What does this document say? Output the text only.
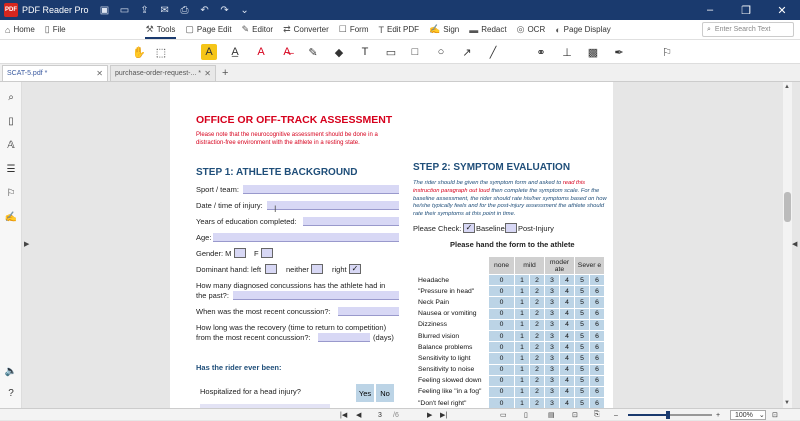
PDF PDF Reader Pro	▣	▭	⇪	✉	⎙	↶	↷	⌄	–	❐	✕
⌂ Home ▯ File	⚒ Tools ▢ Page Edit ✎ Editor ⇄ Converter ☐ Form T Edit PDF ✍ Sign ▬ Redact ◎ OCR ◐ Page Display	⌕ Enter Search Text
✋ ⬚	A	A̲	A	A̶	✎	◆	T	▭	□	○	↗	╱	⚭	⊥ ▩	✒	⚐
SCAT-5.pdf *	✕ purchase-order-request-... * ✕ +
⌕
▯
𝔸
☰
⚐
✍
🔈
?
▶	◀
OFFICE OR OFF-TRACK ASSESSMENT
Please note that the neurocognitive assessment should be done in a distraction-free environment with the athlete in a resting state.
STEP 1: ATHLETE BACKGROUND
Sport / team:
Date / time of injury: I
Years of education completed:
Age:
Gender: M	F
Dominant hand: left	neither	right ✓
How many diagnosed concussions has the athlete had in
the past?:
When was the most recent concussion?:
How long was the recovery (time to return to competition)
from the most recent concussion?:	(days)
Has the rider ever been:
Hospitalized for a head injury?	Yes	No
STEP 2: SYMPTOM EVALUATION
The rider should be given the symptom form and asked to read this instruction paragraph out loud then complete the symptom scale. For the baseline assessment, the rider should rate his/her symptoms based on how he/she typically feels and for the post-injury assessment the athlete should rate their symptoms at this point in time.
Please Check: ✓ Baseline Post-Injury
Please hand the form to the athlete
	none	mild		moder ate		Sever e	
Headache	0	1	2	3	4	5	6
"Pressure in head"	0	1	2	3	4	5	6
Neck Pain	0	1	2	3	4	5	6
Nausea or vomiting	0	1	2	3	4	5	6
Dizziness	0	1	2	3	4	5	6
Blurred vision	0	1	2	3	4	5	6
Balance problems	0	1	2	3	4	5	6
Sensitivity to light	0	1	2	3	4	5	6
Sensitivity to noise	0	1	2	3	4	5	6
Feeling slowed down	0	1	2	3	4	5	6
Feeling like "in a fog"	0	1	2	3	4	5	6
"Don't feel right"	0	1	2	3	4	5	6
▲
▼
|◀ ◀ 3 /6	▶ ▶|	▭ ▯	▤ ⊡ ⎘ –	+ 100% ⌄ ⊡
